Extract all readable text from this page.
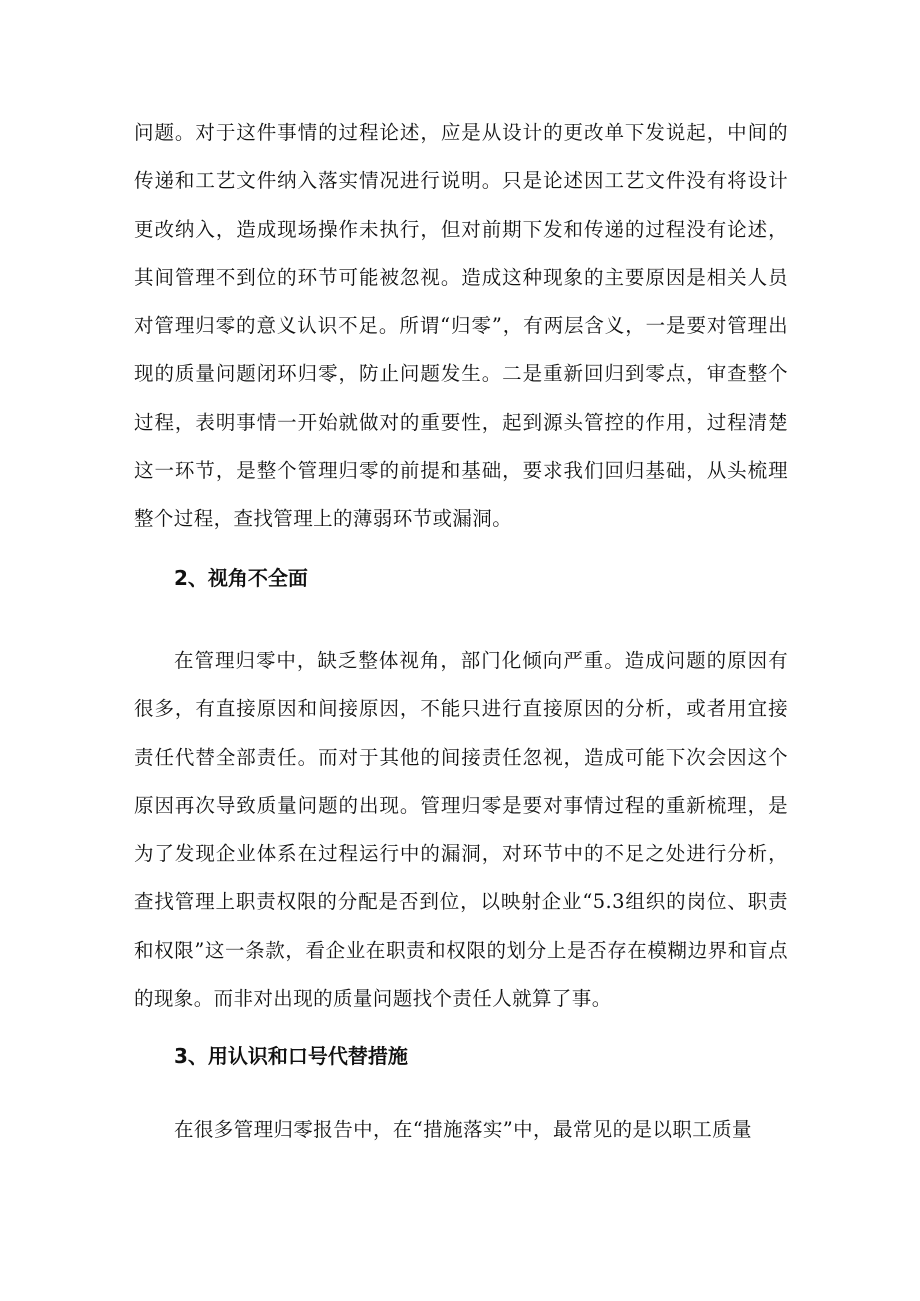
问题。对于这件事情的过程论述，应是从设计的更改单下发说起，中间的传递和工艺文件纳入落实情况进行说明。只是论述因工艺文件没有将设计更改纳入，造成现场操作未执行，但对前期下发和传递的过程没有论述，其间管理不到位的环节可能被忽视。造成这种现象的主要原因是相关人员对管理归零的意义认识不足。所谓“归零”，有两层含义，一是要对管理出现的质量问题闭环归零，防止问题发生。二是重新回归到零点，审查整个过程，表明事情一开始就做对的重要性，起到源头管控的作用，过程清楚这一环节，是整个管理归零的前提和基础，要求我们回归基础，从头梳理整个过程，查找管理上的薄弱环节或漏洞。

2、视角不全面

在管理归零中，缺乏整体视角，部门化倾向严重。造成问题的原因有很多，有直接原因和间接原因，不能只进行直接原因的分析，或者用宜接责任代替全部责任。而对于其他的间接责任忽视，造成可能下次会因这个原因再次导致质量问题的出现。管理归零是要对事情过程的重新梳理，是为了发现企业体系在过程运行中的漏洞，对环节中的不足之处进行分析，查找管理上职责权限的分配是否到位，以映射企业“5.3组织的岗位、职责和权限”这一条款，看企业在职责和权限的划分上是否存在模糊边界和盲点的现象。而非对出现的质量问题找个责任人就算了事。

3、用认识和口号代替措施

在很多管理归零报告中，在“措施落实”中，最常见的是以职工质量
